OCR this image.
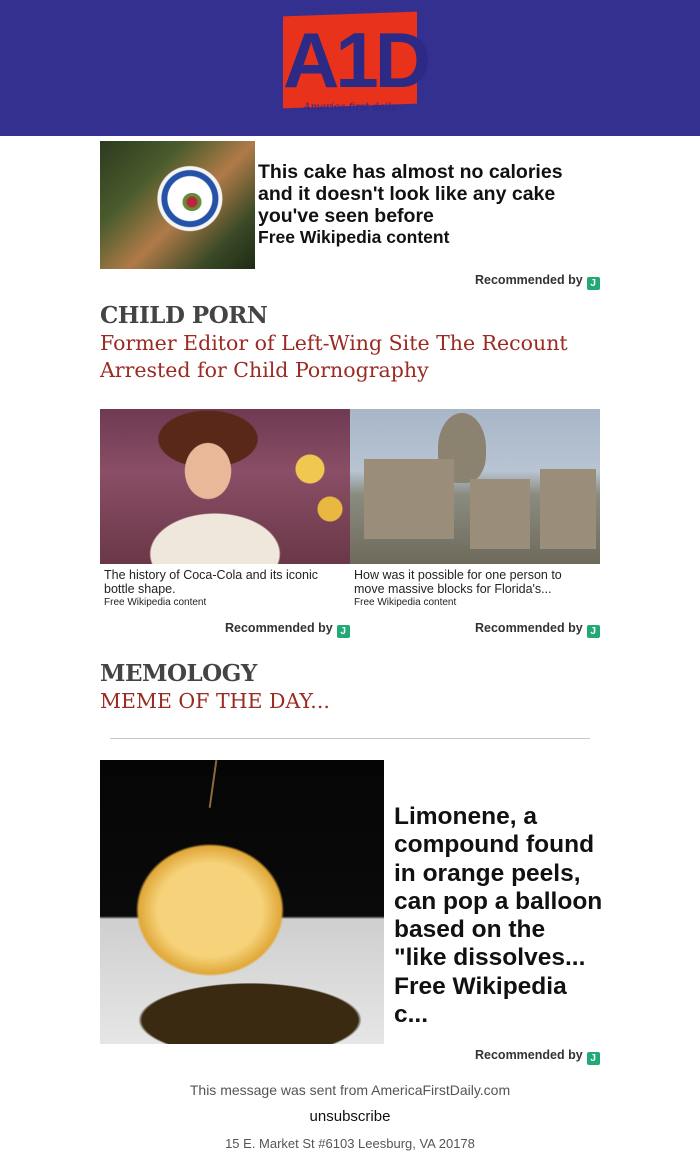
A1D
America first daily
This cake has almost no calories and it doesn't look like any cake you've seen before
Free Wikipedia content
Recommended by J
CHILD PORN
Former Editor of Left-Wing Site The Recount Arrested for Child Pornography
The history of Coca-Cola and its iconic bottle shape.
Free Wikipedia content
How was it possible for one person to move massive blocks for Florida's...
Free Wikipedia content
Recommended by J	Recommended by J
MEMOLOGY
MEME OF THE DAY...
Limonene, a compound found in orange peels, can pop a balloon based on the "like dissolves...
Free Wikipedia c...
Recommended by J
This message was sent from AmericaFirstDaily.com
unsubscribe
15 E. Market St #6103 Leesburg, VA 20178
